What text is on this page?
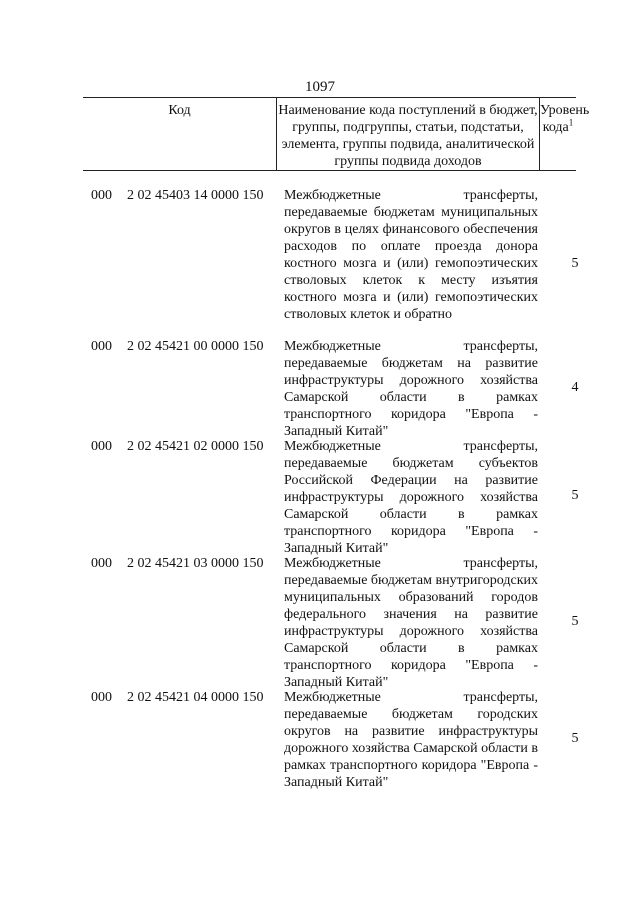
1097
Код	Наименование кода поступлений в бюджет, группы, подгруппы, статьи, подстатьи, элемента, группы подвида, аналитической группы подвида доходов
Уровень кода$^1$
000 2 02 45403 14 0000 150 Межбюджетные трансферты, передаваемые бюджетам муниципальных округов в целях финансового обеспечения расходов по оплате проезда донора костного мозга и (или) гемопоэтических стволовых клеток к месту изъятия костного мозга и (или) гемопоэтических стволовых клеток и обратно
5
000 2 02 45421 00 0000 150 Межбюджетные трансферты, передаваемые бюджетам на развитие инфраструктуры дорожного хозяйства Самарской области в рамках транспортного коридора "Европа - Западный Китай"
4
000 2 02 45421 02 0000 150 Межбюджетные трансферты, передаваемые бюджетам субъектов Российской Федерации на развитие инфраструктуры дорожного хозяйства Самарской области в рамках транспортного коридора "Европа - Западный Китай"
5
000 2 02 45421 03 0000 150 Межбюджетные трансферты, передаваемые бюджетам внутригородских муниципальных образований городов федерального значения на развитие инфраструктуры дорожного хозяйства Самарской области в рамках транспортного коридора "Европа - Западный Китай"
5
000 2 02 45421 04 0000 150 Межбюджетные трансферты, передаваемые бюджетам городских округов на развитие инфраструктуры дорожного хозяйства Самарской области в рамках транспортного коридора "Европа - Западный Китай"
5
